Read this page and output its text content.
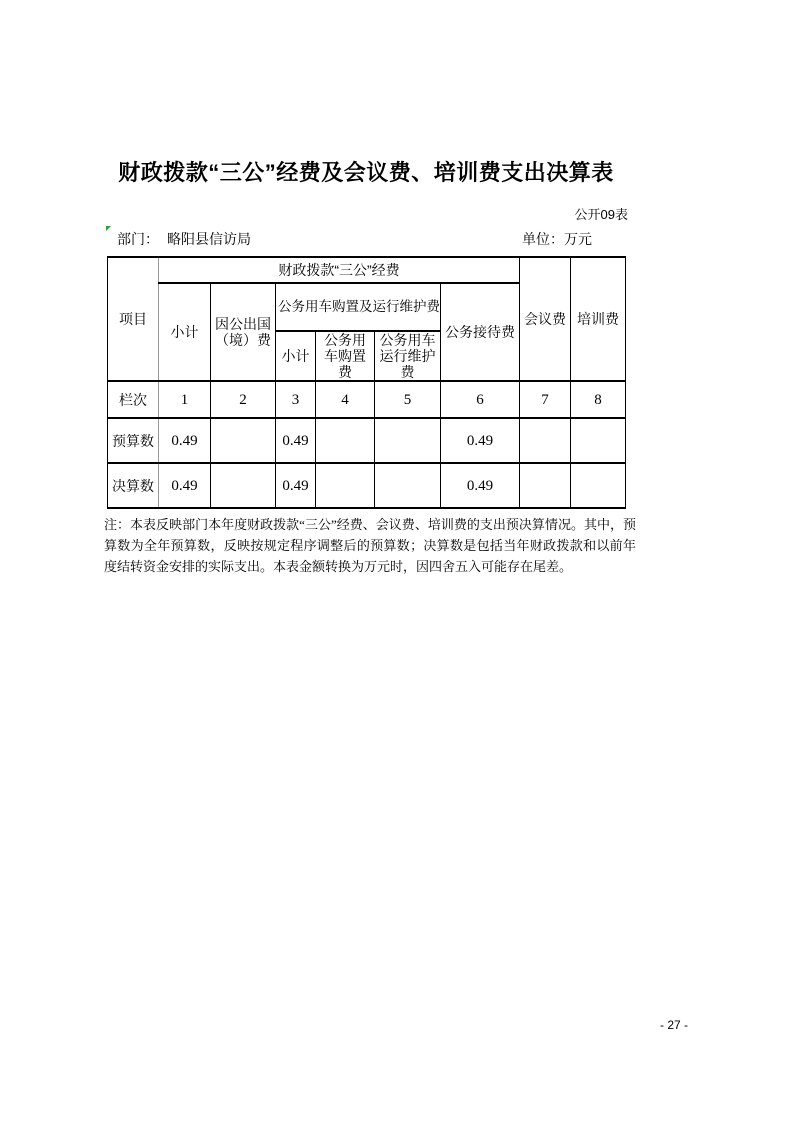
财政拨款“三公”经费及会议费、培训费支出决算表
公开09表
部门： 略阳县信访局	单位：万元
项目	财政拨款“三公”经费						会议费	培训费
	小计	因公出国（境）费	公务用车购置及运行维护费			公务接待费		
			小计	公务用车购置费	公务用车运行维护费			
栏次	1	2	3	4	5	6	7	8
预算数	0.49		0.49			0.49		
决算数	0.49		0.49			0.49		
注：本表反映部门本年度财政拨款“三公”经费、会议费、培训费的支出预决算情况。其中，预算数为全年预算数，反映按规定程序调整后的预算数；决算数是包括当年财政拨款和以前年度结转资金安排的实际支出。本表金额转换为万元时，因四舍五入可能存在尾差。
- 27 -
